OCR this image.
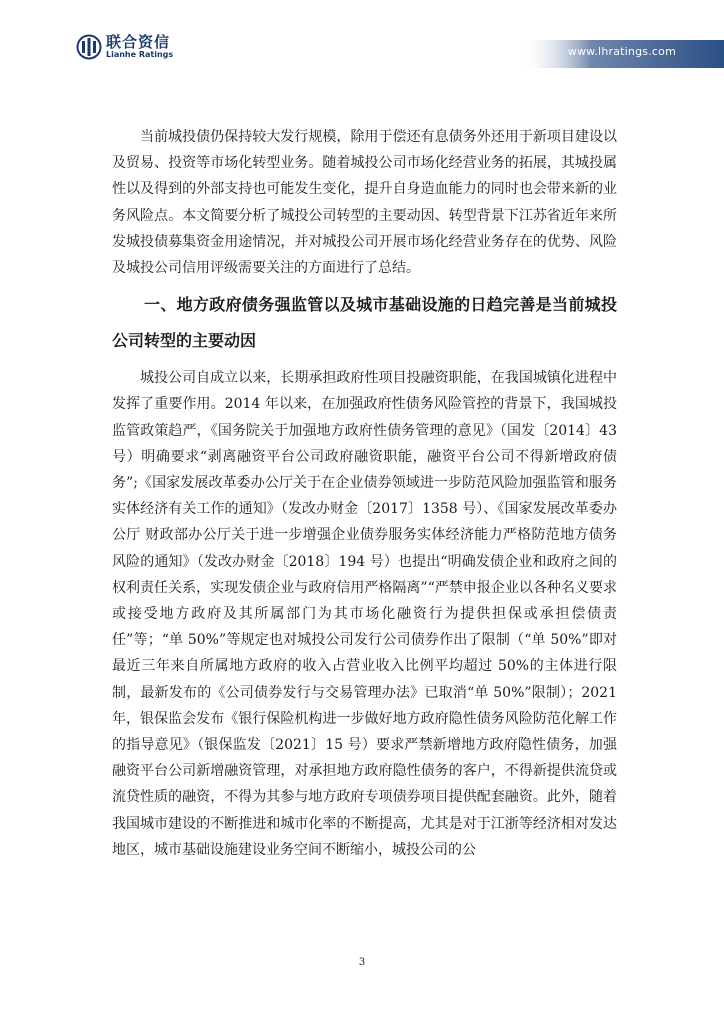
联合资信
Lianhe Ratings	www.lhratings.com

当前城投债仍保持较大发行规模，除用于偿还有息债务外还用于新项目建设以及贸易、投资等市场化转型业务。随着城投公司市场化经营业务的拓展，其城投属性以及得到的外部支持也可能发生变化，提升自身造血能力的同时也会带来新的业务风险点。本文简要分析了城投公司转型的主要动因、转型背景下江苏省近年来所发城投债募集资金用途情况，并对城投公司开展市场化经营业务存在的优势、风险及城投公司信用评级需要关注的方面进行了总结。

一、地方政府债务强监管以及城市基础设施的日趋完善是当前城投公司转型的主要动因

城投公司自成立以来，长期承担政府性项目投融资职能，在我国城镇化进程中发挥了重要作用。2014 年以来，在加强政府性债务风险管控的背景下，我国城投监管政策趋严，《国务院关于加强地方政府性债务管理的意见》（国发〔2014〕43 号）明确要求“剥离融资平台公司政府融资职能，融资平台公司不得新增政府债务”;《国家发展改革委办公厅关于在企业债券领域进一步防范风险加强监管和服务实体经济有关工作的通知》（发改办财金〔2017〕1358 号）、《国家发展改革委办公厅 财政部办公厅关于进一步增强企业债券服务实体经济能力严格防范地方债务风险的通知》（发改办财金〔2018〕194 号）也提出“明确发债企业和政府之间的权利责任关系，实现发债企业与政府信用严格隔离”“严禁申报企业以各种名义要求或接受地方政府及其所属部门为其市场化融资行为提供担保或承担偿债责任”等；“单 50%”等规定也对城投公司发行公司债券作出了限制（“单 50%”即对最近三年来自所属地方政府的收入占营业收入比例平均超过 50%的主体进行限制，最新发布的《公司债券发行与交易管理办法》已取消“单 50%”限制）；2021 年，银保监会发布《银行保险机构进一步做好地方政府隐性债务风险防范化解工作的指导意见》（银保监发〔2021〕15 号）要求严禁新增地方政府隐性债务，加强融资平台公司新增融资管理，对承担地方政府隐性债务的客户，不得新提供流贷或流贷性质的融资，不得为其参与地方政府专项债券项目提供配套融资。此外，随着我国城市建设的不断推进和城市化率的不断提高，尤其是对于江浙等经济相对发达地区，城市基础设施建设业务空间不断缩小，城投公司的公

3
